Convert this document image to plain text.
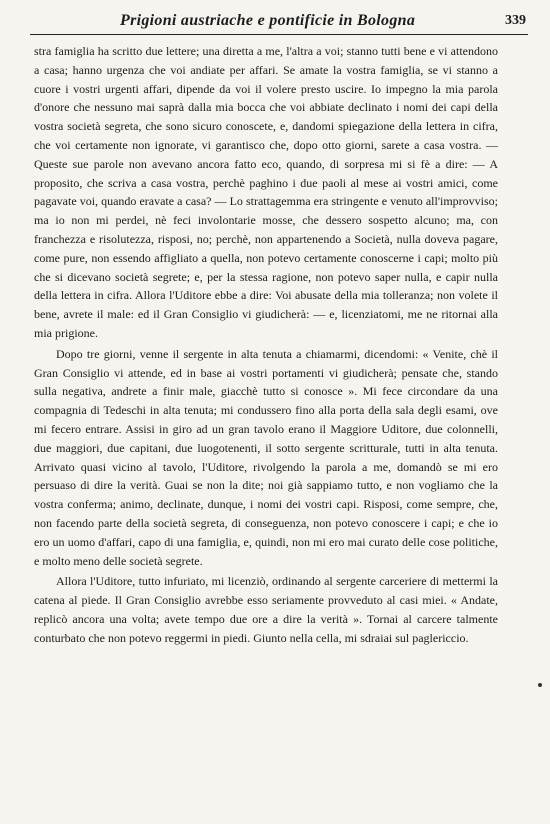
Prigioni austriache e pontificie in Bologna	339

stra famiglia ha scritto due lettere; una diretta a me, l'altra a voi; stanno tutti bene e vi attendono a casa; hanno urgenza che voi andiate per affari. Se amate la vostra famiglia, se vi stanno a cuore i vostri urgenti affari, dipende da voi il volere presto uscire. Io impegno la mia parola d'onore che nessuno mai saprà dalla mia bocca che voi abbiate declinato i nomi dei capi della vostra società segreta, che sono sicuro conoscete, e, dandomi spiegazione della lettera in cifra, che voi certamente non ignorate, vi garantisco che, dopo otto giorni, sarete a casa vostra. — Queste sue parole non avevano ancora fatto eco, quando, di sorpresa mi si fè a dire: — A proposito, che scriva a casa vostra, perchè paghino i due paoli al mese ai vostri amici, come pagavate voi, quando eravate a casa? — Lo strattagemma era stringente e venuto all'improvviso; ma io non mi perdei, nè feci involontarie mosse, che dessero sospetto alcuno; ma, con franchezza e risolutezza, risposi, no; perchè, non appartenendo a Società, nulla doveva pagare, come pure, non essendo affigliato a quella, non potevo certamente conoscerne i capi; molto più che si dicevano società segrete; e, per la stessa ragione, non potevo saper nulla, e capir nulla della lettera in cifra. Allora l'Uditore ebbe a dire: Voi abusate della mia tolleranza; non volete il bene, avrete il male: ed il Gran Consiglio vi giudicherà: — e, licenziatomi, me ne ritornai alla mia prigione.

Dopo tre giorni, venne il sergente in alta tenuta a chiamarmi, dicendomi: « Venite, chè il Gran Consiglio vi attende, ed in base ai vostri portamenti vi giudicherà; pensate che, stando sulla negativa, andrete a finir male, giacchè tutto si conosce ». Mi fece circondare da una compagnia di Tedeschi in alta tenuta; mi condussero fino alla porta della sala degli esami, ove mi fecero entrare. Assisi in giro ad un gran tavolo erano il Maggiore Uditore, due colonnelli, due maggiori, due capitani, due luogotenenti, il sotto sergente scritturale, tutti in alta tenuta. Arrivato quasi vicino al tavolo, l'Uditore, rivolgendo la parola a me, domandò se mi ero persuaso di dire la verità. Guai se non la dite; noi già sappiamo tutto, e non vogliamo che la vostra conferma; animo, declinate, dunque, i nomi dei vostri capi. Risposi, come sempre, che, non facendo parte della società segreta, di conseguenza, non potevo conoscere i capi; e che io ero un uomo d'affari, capo di una famiglia, e, quindi, non mi ero mai curato delle cose politiche, e molto meno delle società segrete.

Allora l'Uditore, tutto infuriato, mi licenziò, ordinando al sergente carceriere di mettermi la catena al piede. Il Gran Consiglio avrebbe esso seriamente provveduto al casi miei. « Andate, replicò ancora una volta; avete tempo due ore a dire la verità ». Tornai al carcere talmente conturbato che non potevo reggermi in piedi. Giunto nella cella, mi sdraiai sul paglericcio.
